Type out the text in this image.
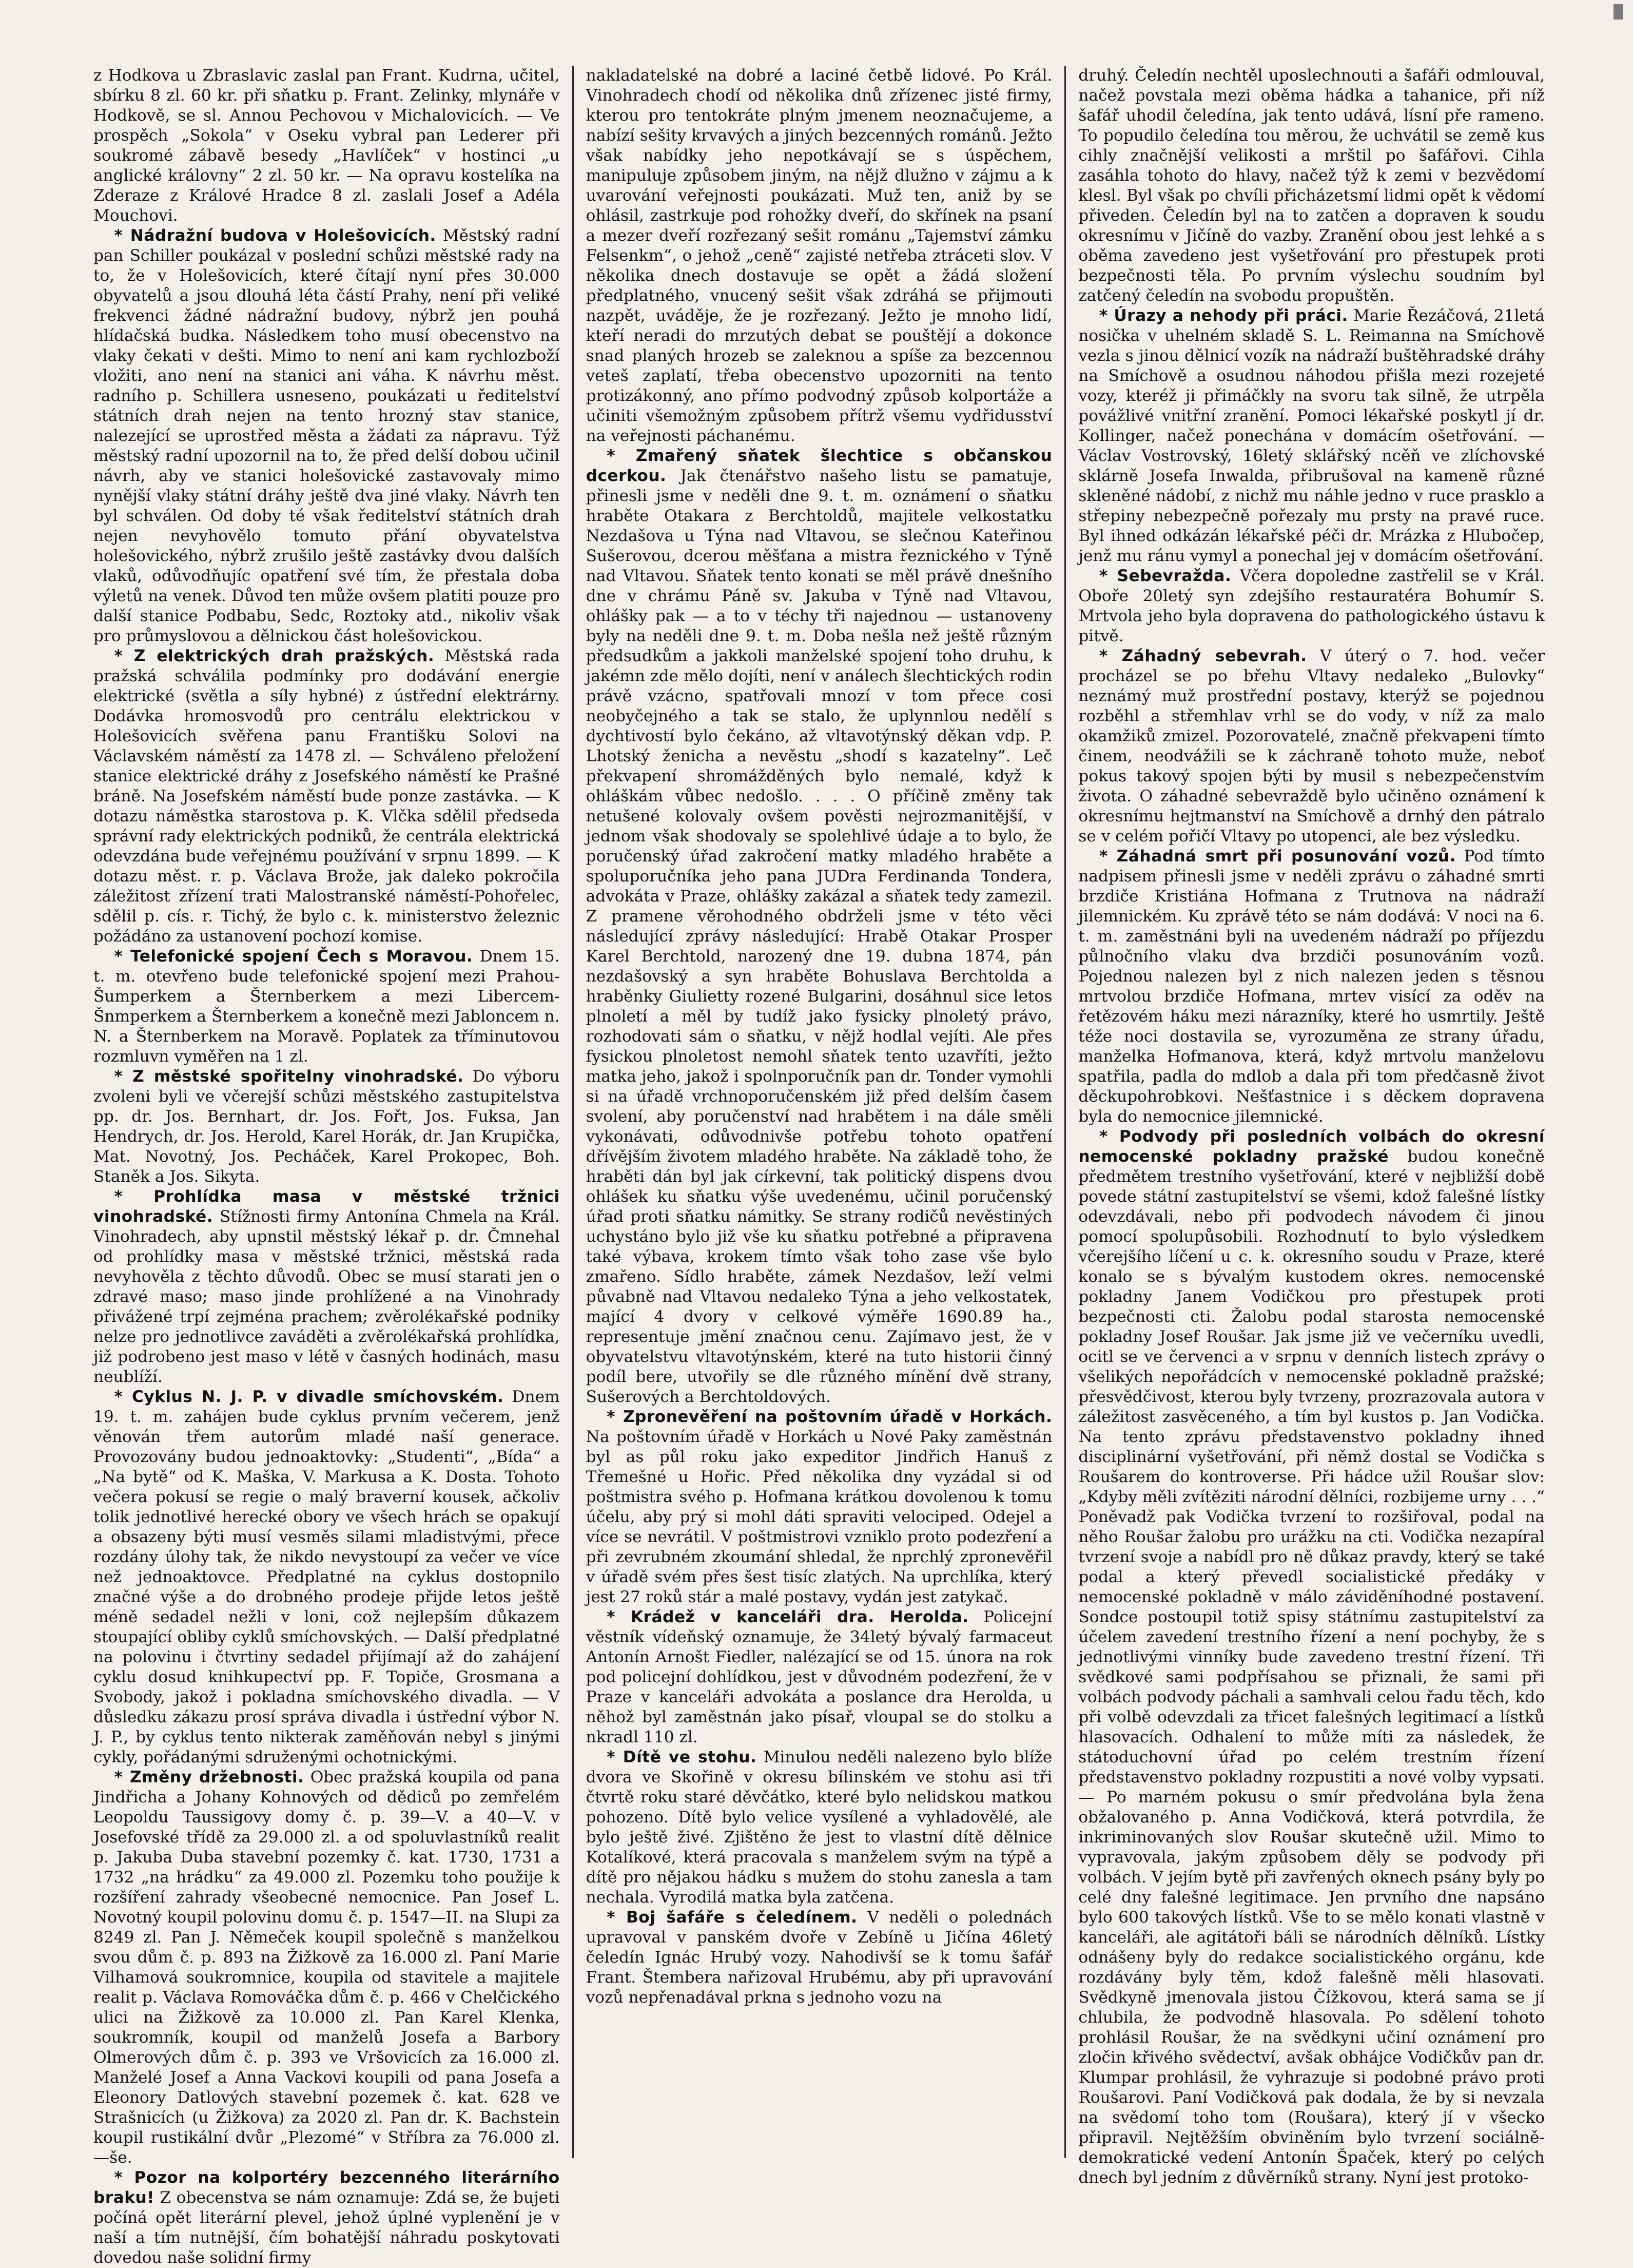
z Hodkova u Zbraslavic zaslal pan Frant. Kudrna, učitel, sbírku 8 zl. 60 kr. při sňatku p. Frant. Zelinky, mlynáře v Hodkově, se sl. Annou Pechovou v Michalovicích. — Ve prospěch „Sokola“ v Oseku vybral pan Lederer při soukromé zábavě besedy „Havlíček“ v hostinci „u anglické královny“ 2 zl. 50 kr. — Na opravu kostelíka na Zderaze z Králové Hradce 8 zl. zaslali Josef a Adéla Mouchovi.

* Nádražní budova v Holešovicích. Městský radní pan Schiller poukázal v poslední schůzi městské rady na to, že v Holešovicích, které čítají nyní přes 30.000 obyvatelů a jsou dlouhá léta částí Prahy, není při veliké frekvenci žádné nádražní budovy, nýbrž jen pouhá hlídačská budka. Následkem toho musí obecenstvo na vlaky čekati v dešti. Mimo to není ani kam rychlozboží vložiti, ano není na stanici ani váha. K návrhu měst. radního p. Schillera usneseno, poukázati u ředitelství státních drah nejen na tento hrozný stav stanice, nalezející se uprostřed města a žádati za nápravu. Týž městský radní upozornil na to, že před delší dobou učinil návrh, aby ve stanici holešovické zastavovaly mimo nynější vlaky státní dráhy ještě dva jiné vlaky. Návrh ten byl schválen. Od doby té však ředitelství státních drah nejen nevyhovělo tomuto přání obyvatelstva holešovického, nýbrž zrušilo ještě zastávky dvou dalších vlaků, odůvodňujíc opatření své tím, že přestala doba výletů na venek. Důvod ten může ovšem platiti pouze pro další stanice Podbabu, Sedc, Roztoky atd., nikoliv však pro průmyslovou a dělnickou část holešovickou.

* Z elektrických drah pražských. Městská rada pražská schválila podmínky pro dodávání energie elektrické (světla a síly hybné) z ústřední elektrárny. Dodávka hromosvodů pro centrálu elektrickou v Holešovicích svěřena panu Františku Solovi na Václavském náměstí za 1478 zl. — Schváleno přeložení stanice elektrické dráhy z Josefského náměstí ke Prašné bráně. Na Josefském náměstí bude ponze zastávka. — K dotazu náměstka starostova p. K. Vlčka sdělil předseda správní rady elektrických podniků, že centrála elektrická odevzdána bude veřejnému používání v srpnu 1899. — K dotazu měst. r. p. Václava Brože, jak daleko pokročila záležitost zřízení trati Malostranské náměstí-Pohořelec, sdělil p. cís. r. Tichý, že bylo c. k. ministerstvo železnic požádáno za ustanovení pochozí komise.

* Telefonické spojení Čech s Moravou. Dnem 15. t. m. otevřeno bude telefonické spojení mezi Prahou-Šumperkem a Šternberkem a mezi Libercem-Šnmperkem a Šternberkem a konečně mezi Jabloncem n. N. a Šternberkem na Moravě. Poplatek za tříminutovou rozmluvn vyměřen na 1 zl.

* Z městské spořitelny vinohradské. Do výboru zvoleni byli ve včerejší schůzi městského zastupitelstva pp. dr. Jos. Bernhart, dr. Jos. Fořt, Jos. Fuksa, Jan Hendrych, dr. Jos. Herold, Karel Horák, dr. Jan Krupička, Mat. Novotný, Jos. Pecháček, Karel Prokopec, Boh. Staněk a Jos. Sikyta.

* Prohlídka masa v městské tržnici vinohradské. Stížnosti firmy Antonína Chmela na Král. Vinohradech, aby upnstil městský lékař p. dr. Čmnehal od prohlídky masa v městské tržnici, městská rada nevyhověla z těchto důvodů. Obec se musí starati jen o zdravé maso; maso jinde prohlížené a na Vinohrady přivážené trpí zejména prachem; zvěrolékařské podniky nelze pro jednotlivce zaváděti a zvěrolékařská prohlídka, již podrobeno jest maso v létě v časných hodinách, masu neublíží.

* Cyklus N. J. P. v divadle smíchovském. Dnem 19. t. m. zahájen bude cyklus prvním večerem, jenž věnován třem autorům mladé naší generace. Provozovány budou jednoaktovky: „Studenti“, „Bída“ a „Na bytě“ od K. Maška, V. Markusa a K. Dosta. Tohoto večera pokusí se regie o malý braverní kousek, ačkoliv tolik jednotlivé herecké obory ve všech hrách se opakují a obsazeny býti musí vesměs silami mladistvými, přece rozdány úlohy tak, že nikdo nevystoupí za večer ve více než jednoaktovce. Předplatné na cyklus dostopnilo značné výše a do drobného prodeje přijde letos ještě méně sedadel nežli v loni, což nejlepším důkazem stoupající obliby cyklů smíchovských. — Další předplatné na polovinu i čtvrtiny sedadel přijímají až do zahájení cyklu dosud knihkupectví pp. F. Topiče, Grosmana a Svobody, jakož i pokladna smíchovského divadla. — V důsledku zákazu prosí správa divadla i ústřední výbor N. J. P., by cyklus tento nikterak zaměňován nebyl s jinými cykly, pořádanými sdruženými ochotnickými.

* Změny držebnosti. Obec pražská koupila od pana Jindřicha a Johany Kohnových od dědiců po zemřelém Leopoldu Taussigovy domy č. p. 39—V. a 40—V. v Josefovské třídě za 29.000 zl. a od spoluvlastníků realit p. Jakuba Duba stavební pozemky č. kat. 1730, 1731 a 1732 „na hrádku“ za 49.000 zl. Pozemku toho použije k rozšíření zahrady všeobecné nemocnice. Pan Josef L. Novotný koupil polovinu domu č. p. 1547—II. na Slupi za 8249 zl. Pan J. Němeček koupil společně s manželkou svou dům č. p. 893 na Žižkově za 16.000 zl. Paní Marie Vilhamová soukromnice, koupila od stavitele a majitele realit p. Václava Romováčka dům č. p. 466 v Chelčického ulici na Žižkově za 10.000 zl. Pan Karel Klenka, soukromník, koupil od manželů Josefa a Barbory Olmerových dům č. p. 393 ve Vršovicích za 16.000 zl. Manželé Josef a Anna Vackovi koupili od pana Josefa a Eleonory Datlových stavební pozemek č. kat. 628 ve Strašnicích (u Žižkova) za 2020 zl. Pan dr. K. Bachstein koupil rustikální dvůr „Plezomé“ v Stříbra za 76.000 zl. —še.

* Pozor na kolportéry bezcenného literárního braku! Z obecenstva se nám oznamuje: Zdá se, že bujeti počíná opět literární plevel, jehož úplné vyplenění je v naší a tím nutnější, čím bohatější náhradu poskytovati dovedou naše solidní firmy

nakladatelské na dobré a laciné četbě lidové. Po Král. Vinohradech chodí od několika dnů zřízenec jisté firmy, kterou pro tentokráte plným jmenem neoznačujeme, a nabízí sešity krvavých a jiných bezcenných románů. Ježto však nabídky jeho nepotkávají se s úspěchem, manipuluje způsobem jiným, na nějž dlužno v zájmu a k uvarování veřejnosti poukázati. Muž ten, aniž by se ohlásil, zastrkuje pod rohožky dveří, do skřínek na psaní a mezer dveří rozřezaný sešit románu „Tajemství zámku Felsenkm“, o jehož „ceně“ zajisté netřeba ztráceti slov. V několika dnech dostavuje se opět a žádá složení předplatného, vnucený sešit však zdráhá se přijmouti nazpět, uváděje, že je rozřezaný. Ježto je mnoho lidí, kteří neradi do mrzutých debat se pouštějí a dokonce snad planých hrozeb se zaleknou a spíše za bezcennou veteš zaplatí, třeba obecenstvo upozorniti na tento protizákonný, ano přímo podvodný způsob kolportáže a učiniti všemožným způsobem přítrž všemu vydřidusství na veřejnosti páchanému.

* Zmařený sňatek šlechtice s občanskou dcerkou. Jak čtenářstvo našeho listu se pamatuje, přinesli jsme v neděli dne 9. t. m. oznámení o sňatku hraběte Otakara z Berchtoldů, majitele velkostatku Nezdašova u Týna nad Vltavou, se slečnou Kateřinou Sušerovou, dcerou měšťana a mistra řeznického v Týně nad Vltavou. Sňatek tento konati se měl právě dnešního dne v chrámu Páně sv. Jakuba v Týně nad Vltavou, ohlášky pak — a to v téchy tři najednou — ustanoveny byly na neděli dne 9. t. m. Doba nešla než ještě různým předsudkům a jakkoli manželské spojení toho druhu, k jakémn zde mělo dojíti, není v análech šlechtických rodin právě vzácno, spatřovali mnozí v tom přece cosi neobyčejného a tak se stalo, že uplynnlou nedělí s dychtivostí bylo čekáno, až vltavotýnský děkan vdp. P. Lhotský ženicha a nevěstu „shodí s kazatelny“. Leč překvapení shromážděných bylo nemalé, když k ohláškám vůbec nedošlo. . . . O příčině změny tak netušené kolovaly ovšem pověsti nejrozmanitější, v jednom však shodovaly se spolehlivé údaje a to bylo, že poručenský úřad zakročení matky mladého hraběte a spoluporučníka jeho pana JUDra Ferdinanda Tondera, advokáta v Praze, ohlášky zakázal a sňatek tedy zamezil. Z pramene věrohodného obdrželi jsme v této věci následující zprávy následující: Hrabě Otakar Prosper Karel Berchtold, narozený dne 19. dubna 1874, pán nezdašovský a syn hraběte Bohuslava Berchtolda a hraběnky Giulietty rozené Bulgarini, dosáhnul sice letos plnoletí a měl by tudíž jako fysicky plnoletý právo, rozhodovati sám o sňatku, v nějž hodlal vejíti. Ale přes fysickou plnoletost nemohl sňatek tento uzavříti, ježto matka jeho, jakož i spolnporučník pan dr. Tonder vymohli si na úřadě vrchnoporučenském již před delším časem svolení, aby poručenství nad hrabětem i na dále směli vykonávati, odůvodnivše potřebu tohoto opatření dřívějším životem mladého hraběte. Na základě toho, že hraběti dán byl jak církevní, tak politický dispens dvou ohlášek ku sňatku výše uvedenému, učinil poručenský úřad proti sňatku námitky. Se strany rodičů nevěstiných uchystáno bylo již vše ku sňatku potřebné a připravena také výbava, krokem tímto však toho zase vše bylo zmařeno. Sídlo hraběte, zámek Nezdašov, leží velmi půvabně nad Vltavou nedaleko Týna a jeho velkostatek, mající 4 dvory v celkové výměře 1690.89 ha., representuje jmění značnou cenu. Zajímavo jest, že v obyvatelstvu vltavotýnském, které na tuto historii činný podíl bere, utvořily se dle různého mínění dvě strany, Sušerových a Berchtoldových.

* Zpronevěření na poštovním úřadě v Horkách. Na poštovním úřadě v Horkách u Nové Paky zaměstnán byl as půl roku jako expeditor Jindřich Hanuš z Třemešné u Hořic. Před několika dny vyzádal si od poštmistra svého p. Hofmana krátkou dovolenou k tomu účelu, aby prý si mohl dáti spraviti velociped. Odejel a více se nevrátil. V poštmistrovi vzniklo proto podezření a při zevrubném zkoumání shledal, že nprchlý zpronevěřil v úřadě svém přes šest tisíc zlatých. Na uprchlíka, který jest 27 roků stár a malé postavy, vydán jest zatykač.

* Krádež v kanceláři dra. Herolda. Policejní věstník vídeňský oznamuje, že 34letý bývalý farmaceut Antonín Arnošt Fiedler, nalézající se od 15. února na rok pod policejní dohlídkou, jest v důvodném podezření, že v Praze v kanceláři advokáta a poslance dra Herolda, u něhož byl zaměstnán jako písař, vloupal se do stolku a nkradl 110 zl.

* Dítě ve stohu. Minulou neděli nalezeno bylo blíže dvora ve Skořině v okresu bílinském ve stohu asi tři čtvrtě roku staré děvčátko, které bylo nelidskou matkou pohozeno. Dítě bylo velice vysílené a vyhladovělé, ale bylo ještě živé. Zjištěno že jest to vlastní dítě dělnice Kotalíkové, která pracovala s manželem svým na týpě a dítě pro nějakou hádku s mužem do stohu zanesla a tam nechala. Vyrodilá matka byla zatčena.

* Boj šafáře s čeledínem. V neděli o polednách upravoval v panském dvoře v Zebíně u Jičína 46letý čeledín Ignác Hrubý vozy. Nahodivší se k tomu šafář Frant. Štembera nařizoval Hrubému, aby při upravování vozů nepřenadával prkna s jednoho vozu na

druhý. Čeledín nechtěl uposlechnouti a šafáři odmlouval, načež povstala mezi oběma hádka a tahanice, při níž šafář uhodil čeledína, jak tento udává, lísní pře rameno. To popudilo čeledína tou měrou, že uchvátil se země kus cihly značnější velikosti a mrštil po šafářovi. Cihla zasáhla tohoto do hlavy, načež týž k zemi v bezvědomí klesl. Byl však po chvíli přicházetsmí lidmi opět k vědomí přiveden. Čeledín byl na to zatčen a dopraven k soudu okresnímu v Jičíně do vazby. Zranění obou jest lehké a s oběma zavedeno jest vyšetřování pro přestupek proti bezpečnosti těla. Po prvním výslechu soudním byl zatčený čeledín na svobodu propuštěn.

* Úrazy a nehody při práci. Marie Řezáčová, 21letá nosička v uhelném skladě S. L. Reimanna na Smíchově vezla s jinou dělnicí vozík na nádraží buštěhradské dráhy na Smíchově a osudnou náhodou přišla mezi rozejeté vozy, kteréž ji přimáčkly na svoru tak silně, že utrpěla povážlivé vnitřní zranění. Pomoci lékařské poskytl jí dr. Kollinger, načež ponechána v domácím ošetřování. — Václav Vostrovský, 16letý sklářský ncěň ve zlíchovské sklárně Josefa Inwalda, přibrušoval na kameně různé skleněné nádobí, z nichž mu náhle jedno v ruce prasklo a střepiny nebezpečně pořezaly mu prsty na pravé ruce. Byl ihned odkázán lékařské péči dr. Mrázka z Hlubočep, jenž mu ránu vymyl a ponechal jej v domácím ošetřování.

* Sebevražda. Včera dopoledne zastřelil se v Král. Oboře 20letý syn zdejšího restauratéra Bohumír S. Mrtvola jeho byla dopravena do pathologického ústavu k pitvě.

* Záhadný sebevrah. V úterý o 7. hod. večer procházel se po břehu Vltavy nedaleko „Bulovky“ neznámý muž prostřední postavy, kterýž se pojednou rozběhl a střemhlav vrhl se do vody, v níž za malo okamžiků zmizel. Pozorovatelé, značně překvapeni tímto činem, neodvážili se k záchraně tohoto muže, neboť pokus takový spojen býti by musil s nebezpečenstvím života. O záhadné sebevraždě bylo učiněno oznámení k okresnímu hejtmanství na Smíchově a drnhý den pátralo se v celém pořičí Vltavy po utopenci, ale bez výsledku.

* Záhadná smrt při posunování vozů. Pod tímto nadpisem přinesli jsme v neděli zprávu o záhadné smrti brzdiče Kristiána Hofmana z Trutnova na nádraží jilemnickém. Ku zprávě této se nám dodává: V noci na 6. t. m. zaměstnáni byli na uvedeném nádraží po příjezdu půlnočního vlaku dva brzdiči posunováním vozů. Pojednou nalezen byl z nich nalezen jeden s těsnou mrtvolou brzdiče Hofmana, mrtev visící za oděv na řetězovém háku mezi nárazníky, které ho usmrtily. Ještě téže noci dostavila se, vyrozuměna ze strany úřadu, manželka Hofmanova, která, když mrtvolu manželovu spatřila, padla do mdlob a dala při tom předčasně život děckupohrobkovi. Nešťastnice i s děckem dopravena byla do nemocnice jilemnické.

* Podvody při posledních volbách do okresní nemocenské pokladny pražské budou konečně předmětem trestního vyšetřování, které v nejbližší době povede státní zastupitelství se všemi, kdož falešné lístky odevzdávali, nebo při podvodech návodem či jinou pomocí spolupůsobili. Rozhodnutí to bylo výsledkem včerejšího líčení u c. k. okresního soudu v Praze, které konalo se s bývalým kustodem okres. nemocenské pokladny Janem Vodičkou pro přestupek proti bezpečnosti cti. Žalobu podal starosta nemocenské pokladny Josef Roušar. Jak jsme již ve večerníku uvedli, ocitl se ve červenci a v srpnu v denních listech zprávy o všelikých nepořádcích v nemocenské pokladně pražské; přesvědčivost, kterou byly tvrzeny, prozrazovala autora v záležitost zasvěceného, a tím byl kustos p. Jan Vodička. Na tento zprávu představenstvo pokladny ihned disciplinární vyšetřování, při němž dostal se Vodička s Roušarem do kontroverse. Při hádce užil Roušar slov: „Kdyby měli zvítěziti národní dělníci, rozbijeme urny . . .“ Poněvadž pak Vodička tvrzení to rozšiřoval, podal na něho Roušar žalobu pro urážku na cti. Vodička nezapíral tvrzení svoje a nabídl pro ně důkaz pravdy, který se také podal a který převedl socialistické předáky v nemocenské pokladně v málo záviděníhodné postavení. Sondce postoupil totiž spisy státnímu zastupitelství za účelem zavedení trestního řízení a není pochyby, že s jednotlivými vinníky bude zavedeno trestní řízení. Tři svědkové sami podpřísahou se přiznali, že sami při volbách podvody páchali a samhvali celou řadu těch, kdo při volbě odevzdali za třicet falešných legitimací a lístků hlasovacích. Odhalení to může míti za následek, že státoduchovní úřad po celém trestním řízení představenstvo pokladny rozpustiti a nové volby vypsati. — Po marném pokusu o smír předvolána byla žena obžalovaného p. Anna Vodičková, která potvrdila, že inkriminovaných slov Roušar skutečně užil. Mimo to vypravovala, jakým způsobem děly se podvody při volbách. V jejím bytě při zavřených oknech psány byly po celé dny falešné legitimace. Jen prvního dne napsáno bylo 600 takových lístků. Vše to se mělo konati vlastně v kanceláři, ale agitátoři báli se národních dělníků. Lístky odnášeny byly do redakce socialistického orgánu, kde rozdávány byly těm, kdož falešně měli hlasovati. Svědkyně jmenovala jistou Čížkovou, která sama se jí chlubila, že podvodně hlasovala. Po sdělení tohoto prohlásil Roušar, že na svědkyni učiní oznámení pro zločin křivého svědectví, avšak obhájce Vodičkův pan dr. Klumpar prohlásil, že vyhrazuje si podobné právo proti Roušarovi. Paní Vodičková pak dodala, že by si nevzala na svědomí toho tom (Roušara), který jí v všecko připravil. Nejtěžším obviněním bylo tvrzení sociálně-demokratické vedení Antonín Špaček, který po celých dnech byl jedním z důvěrníků strany. Nyní jest protoko-
